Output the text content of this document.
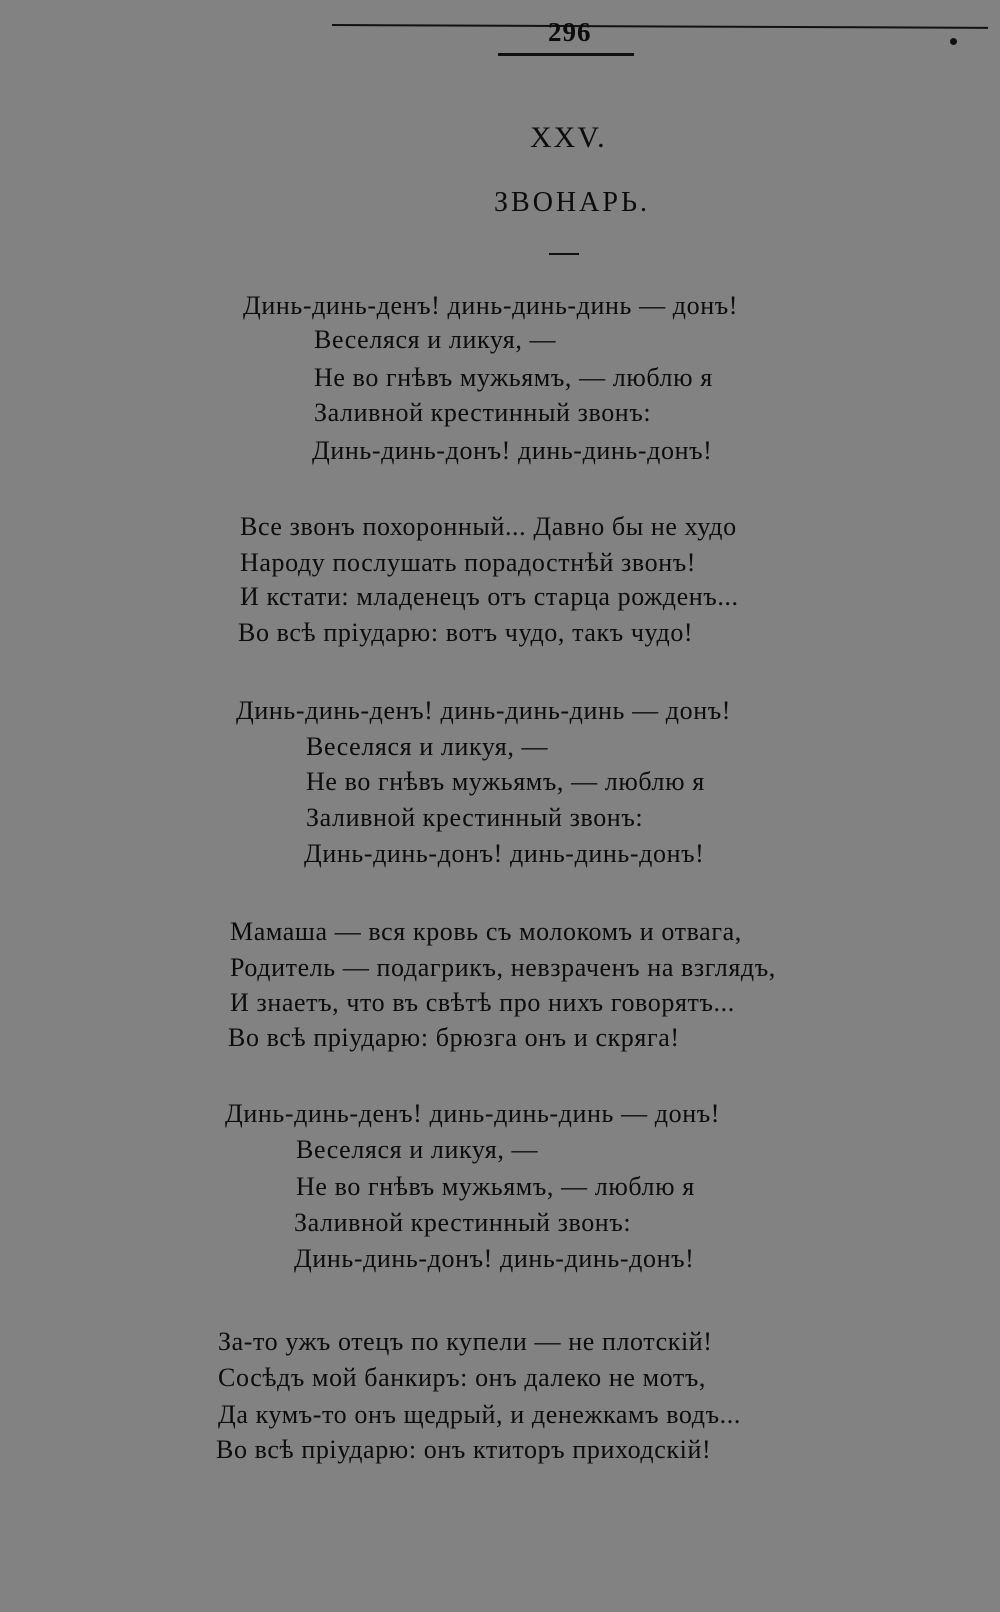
296
XXV.
ЗВОНАРЬ.
Динь-динь-денъ! динь-динь-динь — донъ!
Веселяся и ликуя, —
Не во гнѣвъ мужьямъ, — люблю я
Заливной крестинный звонъ:
Динь-динь-донъ! динь-динь-донъ!
Все звонъ похоронный... Давно бы не худо
Народу послушать порадостнѣй звонъ!
И кстати: младенецъ отъ старца рожденъ...
Во всѣ пріударю: вотъ чудо, такъ чудо!
Динь-динь-денъ! динь-динь-динь — донъ!
Веселяся и ликуя, —
Не во гнѣвъ мужьямъ, — люблю я
Заливной крестинный звонъ:
Динь-динь-донъ! динь-динь-донъ!
Мамаша — вся кровь съ молокомъ и отвага,
Родитель — подагрикъ, невзраченъ на взглядъ,
И знаетъ, что въ свѣтѣ про нихъ говорятъ...
Во всѣ пріударю: брюзга онъ и скряга!
Динь-динь-денъ! динь-динь-динь — донъ!
Веселяся и ликуя, —
Не во гнѣвъ мужьямъ, — люблю я
Заливной крестинный звонъ:
Динь-динь-донъ! динь-динь-донъ!
За-то ужъ отецъ по купели — не плотскій!
Сосѣдъ мой банкиръ: онъ далеко не мотъ,
Да кумъ-то онъ щедрый, и денежкамъ водъ...
Во всѣ пріударю: онъ ктиторъ приходскій!
